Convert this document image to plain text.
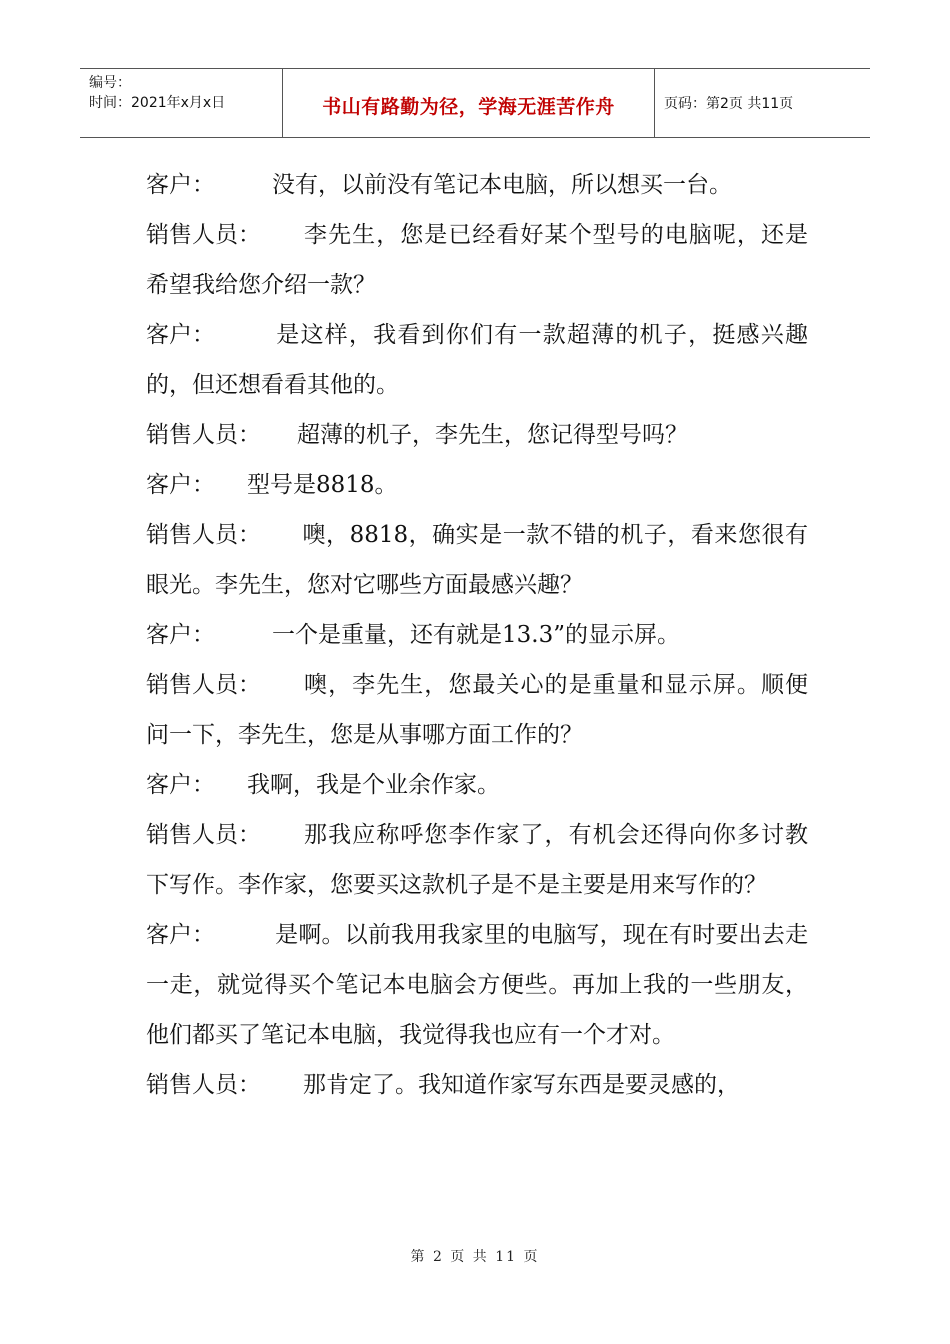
编号：
时间：2021年x月x日	书山有路勤为径，学海无涯苦作舟	页码：第2页 共11页

客户： 没有，以前没有笔记本电脑，所以想买一台。

销售人员： 李先生，您是已经看好某个型号的电脑呢，还是希望我给您介绍一款？

客户：	是这样，我看到你们有一款超薄的机子，挺感兴趣的，但还想看看其他的。

销售人员： 超薄的机子，李先生，您记得型号吗？

客户： 型号是8818。

销售人员： 噢，8818，确实是一款不错的机子，看来您很有眼光。李先生，您对它哪些方面最感兴趣？

客户： 一个是重量，还有就是13.3”的显示屏。

销售人员： 噢，李先生，您最关心的是重量和显示屏。顺便问一下，李先生，您是从事哪方面工作的？

客户： 我啊，我是个业余作家。

销售人员： 那我应称呼您李作家了，有机会还得向你多讨教下写作。李作家，您要买这款机子是不是主要是用来写作的？

客户：	是啊。以前我用我家里的电脑写，现在有时要出去走一走，就觉得买个笔记本电脑会方便些。再加上我的一些朋友，他们都买了笔记本电脑，我觉得我也应有一个才对。

销售人员： 那肯定了。我知道作家写东西是要灵感的，

第 2 页 共 11 页
